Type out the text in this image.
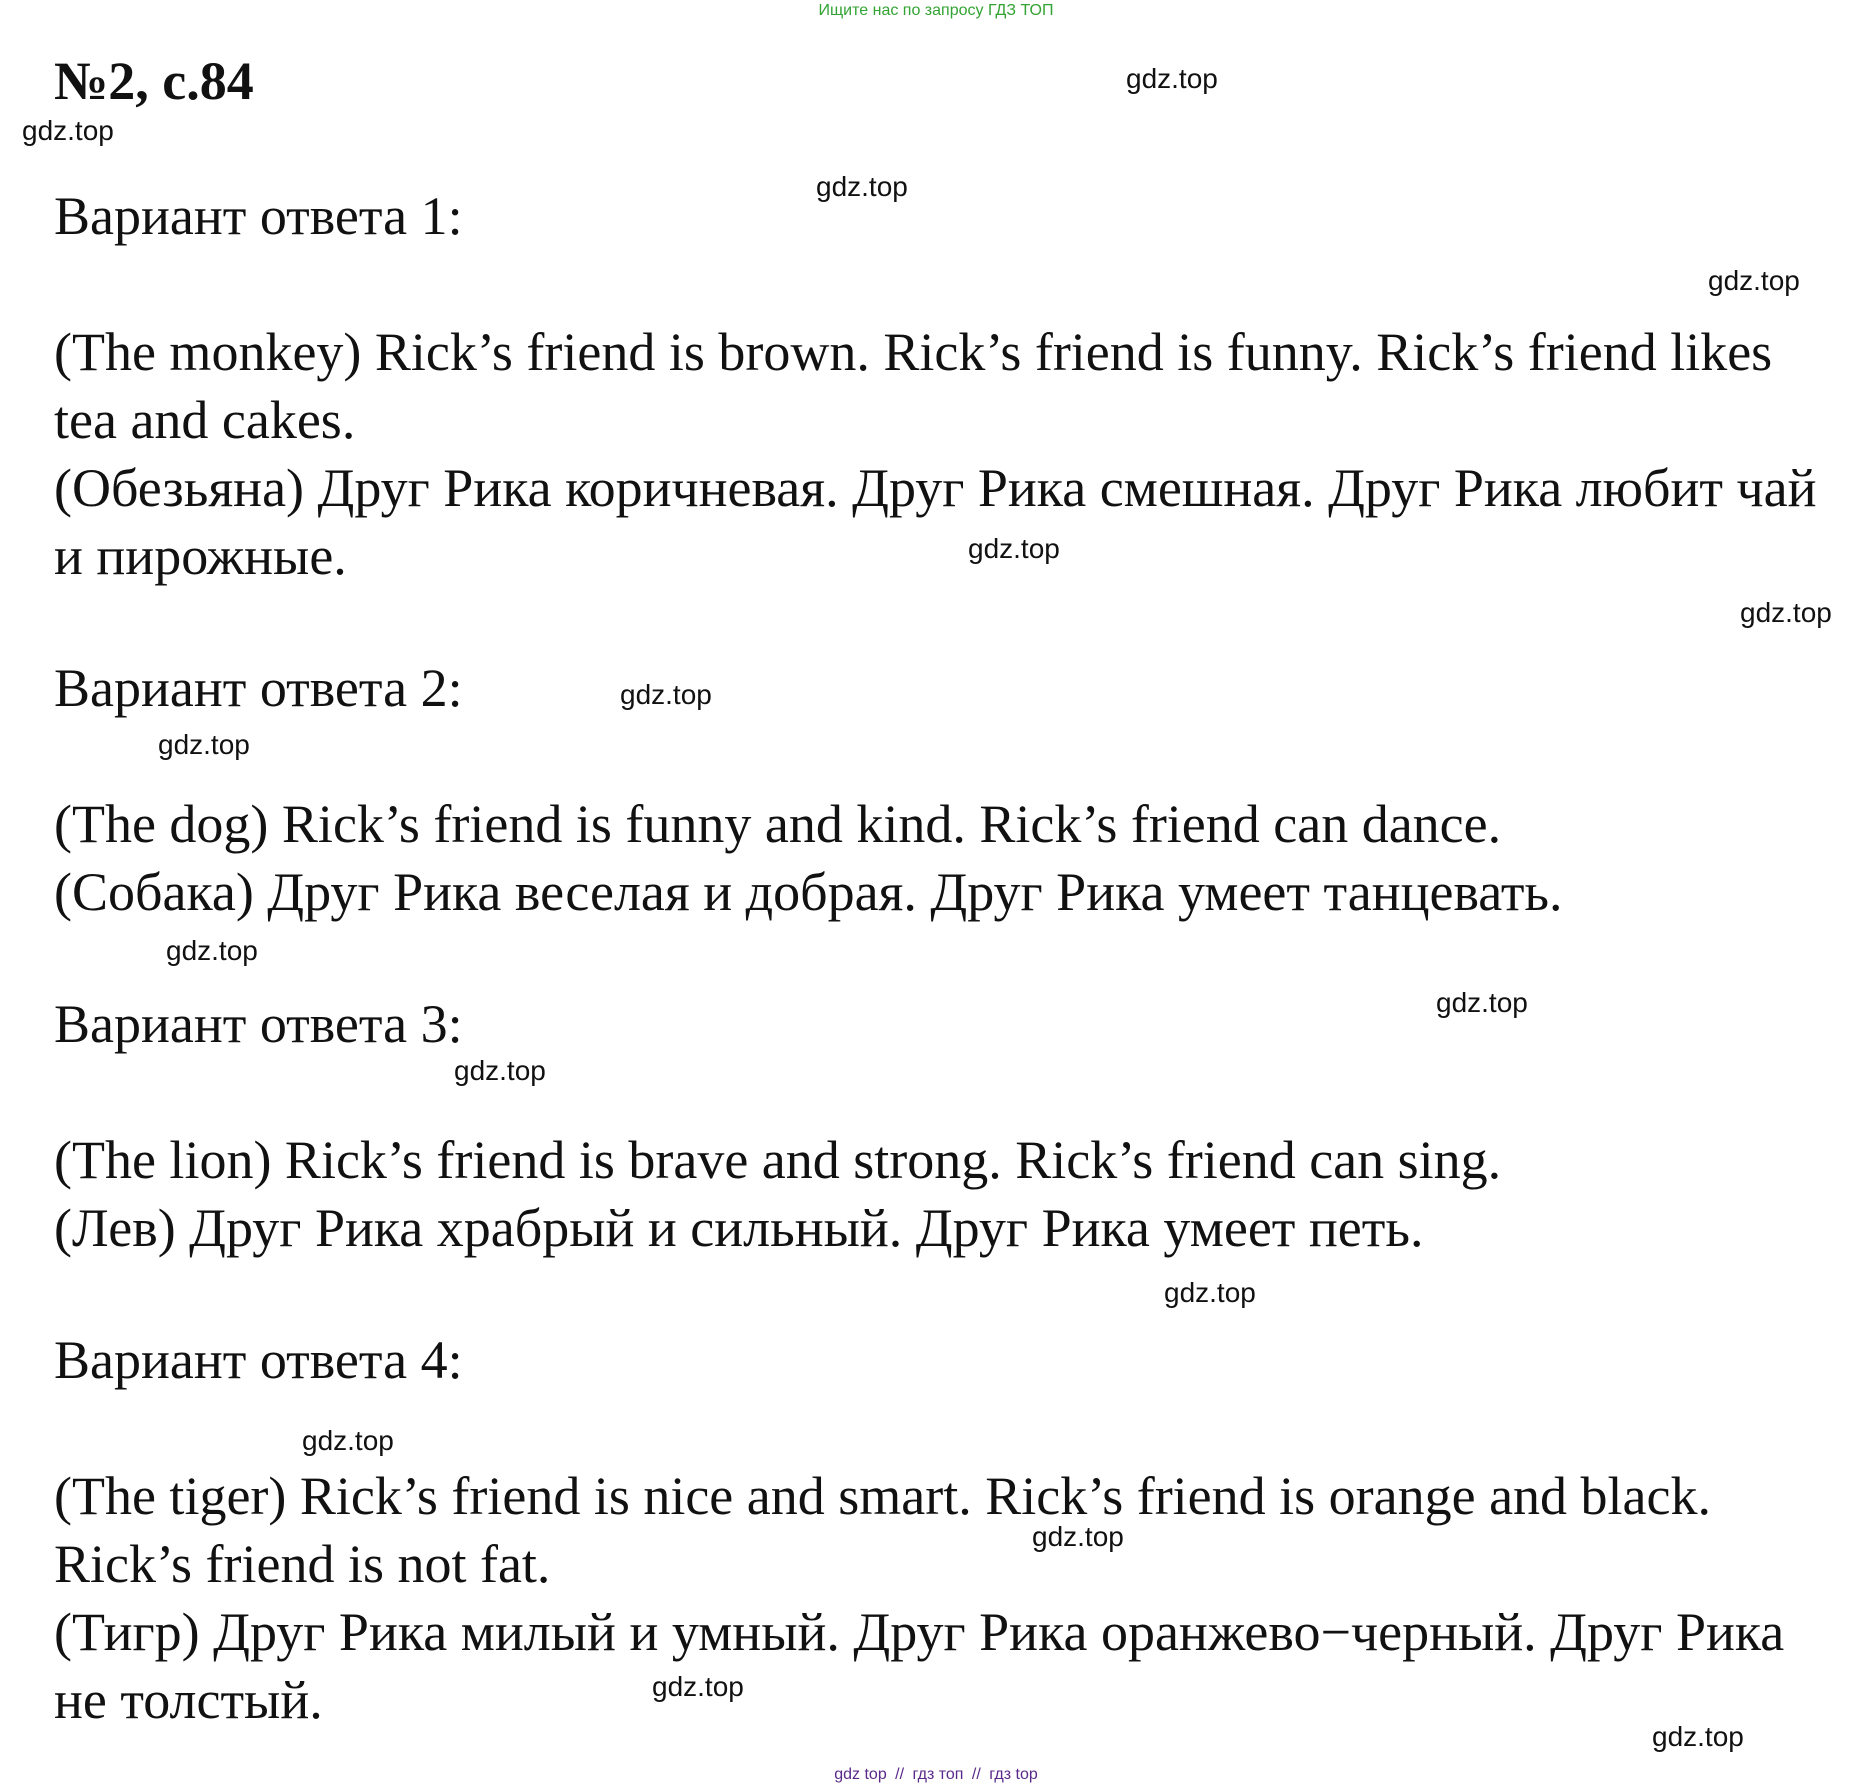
Ищите нас по запросу ГДЗ ТОП
№2, с.84

Вариант ответа 1:

(The monkey) Rick’s friend is brown. Rick’s friend is funny. Rick’s friend likes tea and cakes.

(Обезьяна) Друг Рика коричневая. Друг Рика смешная. Друг Рика любит чай и пирожные.

Вариант ответа 2:

(The dog) Rick’s friend is funny and kind. Rick’s friend can dance.

(Собака) Друг Рика веселая и добрая. Друг Рика умеет танцевать.

Вариант ответа 3:

(The lion) Rick’s friend is brave and strong. Rick’s friend can sing.

(Лев) Друг Рика храбрый и сильный. Друг Рика умеет петь.

Вариант ответа 4:

(The tiger) Rick’s friend is nice and smart. Rick’s friend is orange and black. Rick’s friend is not fat.

(Тигр) Друг Рика милый и умный. Друг Рика оранжево−черный. Друг Рика не толстый.

gdz.top
gdz.top
gdz.top
gdz.top
gdz.top
gdz.top
gdz.top
gdz.top
gdz.top
gdz.top
gdz.top
gdz.top
gdz.top
gdz.top
gdz.top
gdz.top
gdz top // гдз топ // гдз top
